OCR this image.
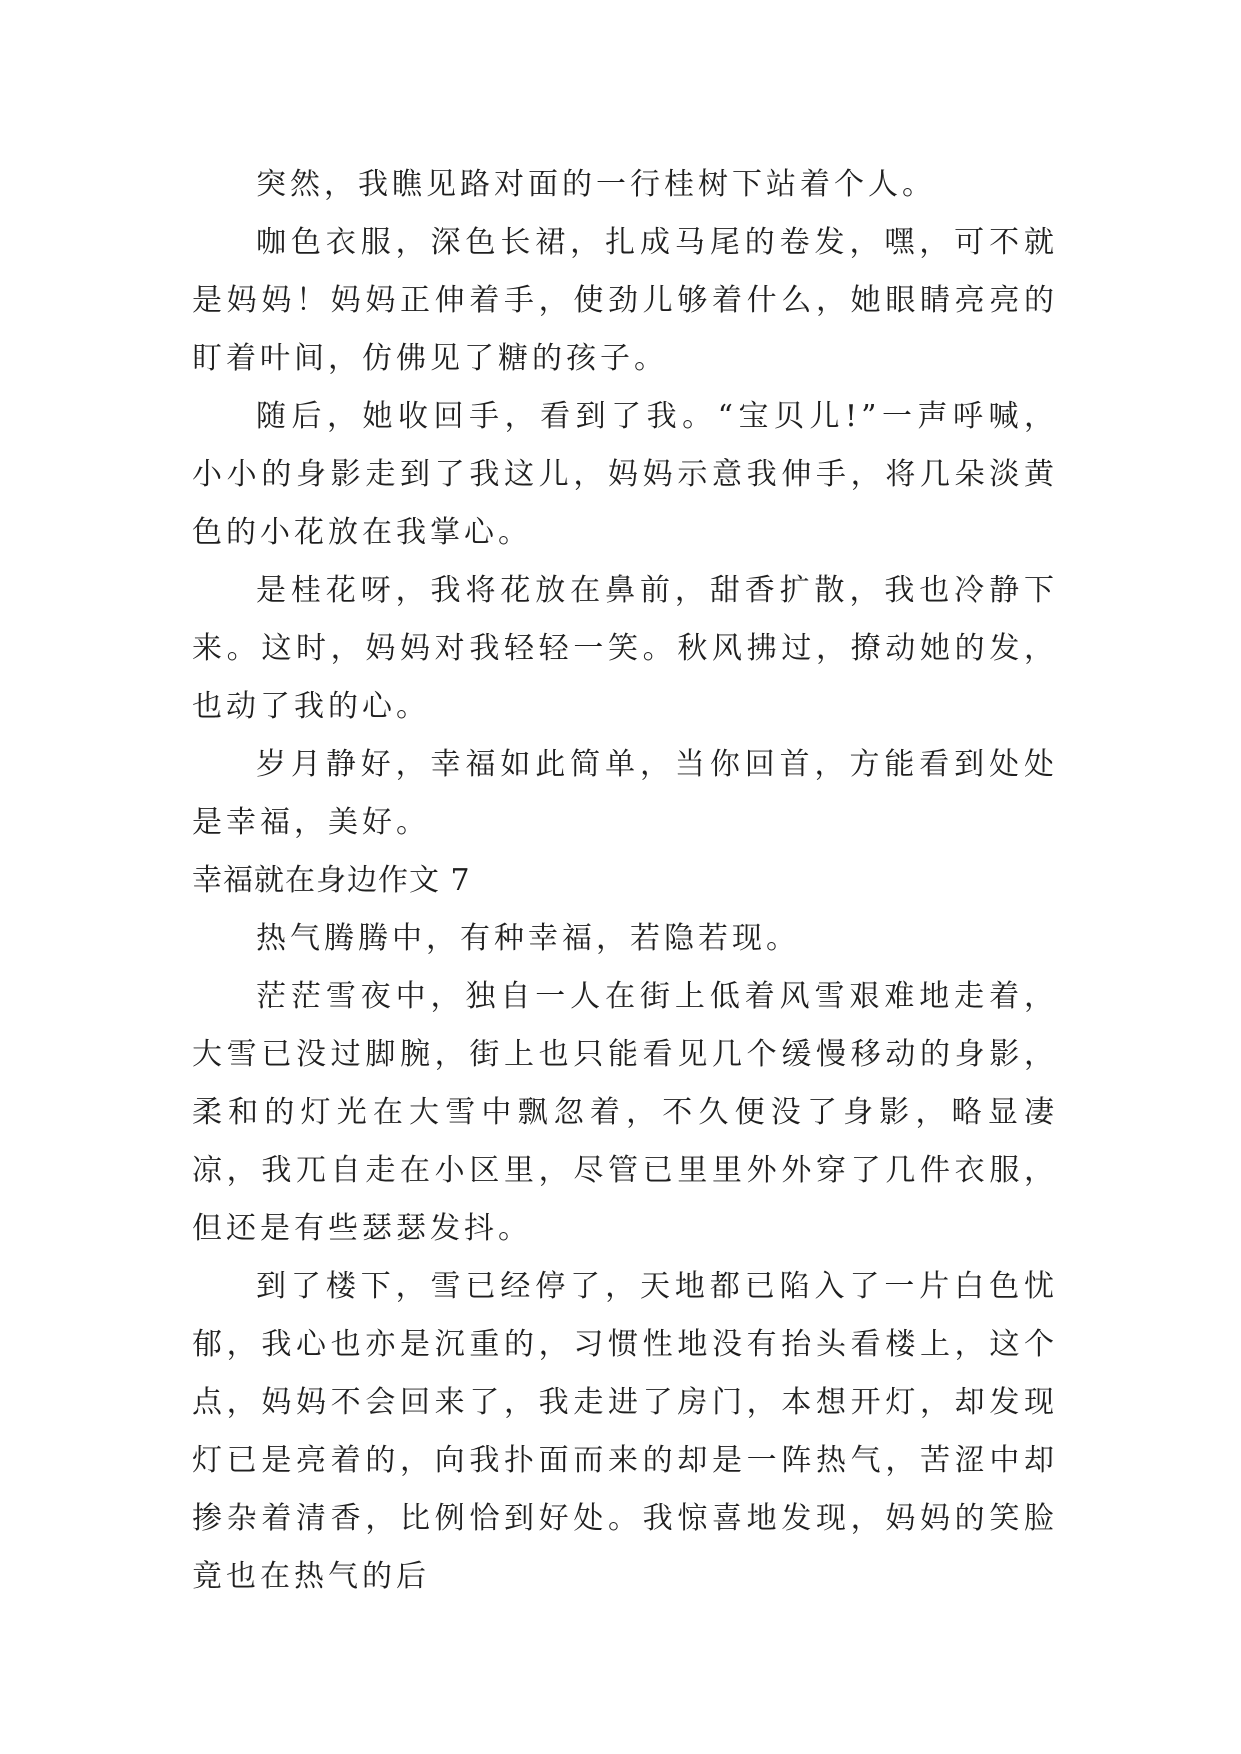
突然，我瞧见路对面的一行桂树下站着个人。

咖色衣服，深色长裙，扎成马尾的卷发，嘿，可不就是妈妈！妈妈正伸着手，使劲儿够着什么，她眼睛亮亮的盯着叶间，仿佛见了糖的孩子。

随后，她收回手，看到了我。“宝贝儿!”一声呼喊，小小的身影走到了我这儿，妈妈示意我伸手，将几朵淡黄色的小花放在我掌心。

是桂花呀，我将花放在鼻前，甜香扩散，我也冷静下来。这时，妈妈对我轻轻一笑。秋风拂过，撩动她的发，也动了我的心。

岁月静好，幸福如此简单，当你回首，方能看到处处是幸福，美好。

幸福就在身边作文 7

热气腾腾中，有种幸福，若隐若现。

茫茫雪夜中，独自一人在街上低着风雪艰难地走着，大雪已没过脚腕，街上也只能看见几个缓慢移动的身影，柔和的灯光在大雪中飘忽着，不久便没了身影，略显凄凉，我兀自走在小区里，尽管已里里外外穿了几件衣服，但还是有些瑟瑟发抖。

到了楼下，雪已经停了，天地都已陷入了一片白色忧郁，我心也亦是沉重的，习惯性地没有抬头看楼上，这个点，妈妈不会回来了，我走进了房门，本想开灯，却发现灯已是亮着的，向我扑面而来的却是一阵热气，苦涩中却掺杂着清香，比例恰到好处。我惊喜地发现，妈妈的笑脸竟也在热气的后
